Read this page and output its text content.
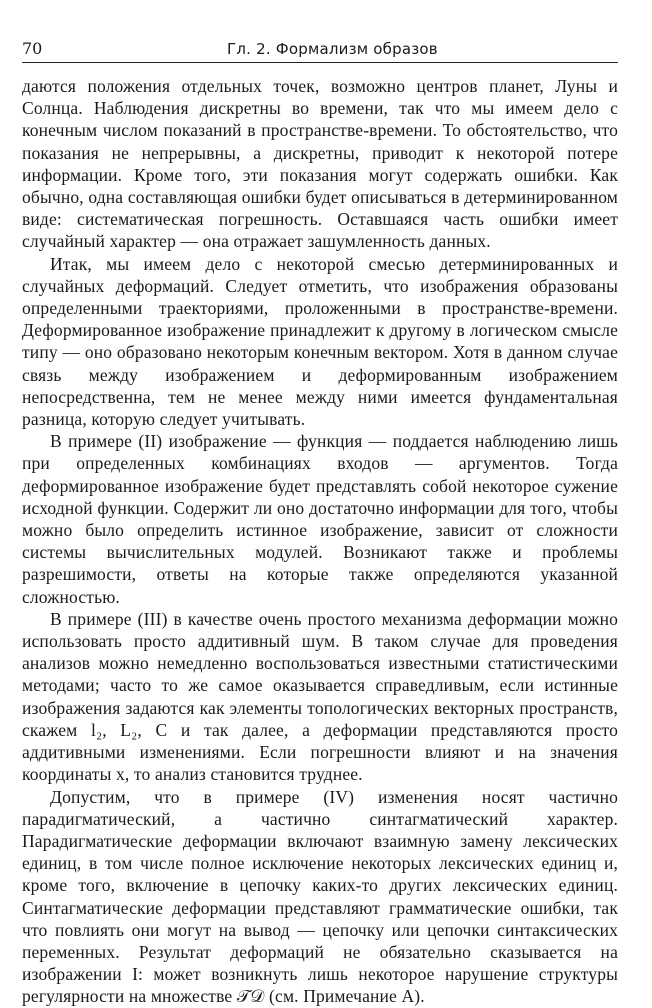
70	Гл. 2. Формализм образов

даются положения отдельных точек, возможно центров планет, Луны и Солнца. Наблюдения дискретны во времени, так что мы имеем дело с конечным числом показаний в пространстве-времени. То обстоятельство, что показания не непрерывны, а дискретны, приводит к некоторой потере информации. Кроме того, эти показания могут содержать ошибки. Как обычно, одна составляющая ошибки будет описываться в детерминированном виде: систематическая погрешность. Оставшаяся часть ошибки имеет случайный характер — она отражает зашумленность данных.

Итак, мы имеем дело с некоторой смесью детерминированных и случайных деформаций. Следует отметить, что изображения образованы определенными траекториями, проложенными в пространстве-времени. Деформированное изображение принадлежит к другому в логическом смысле типу — оно образовано некоторым конечным вектором. Хотя в данном случае связь между изображением и деформированным изображением непосредственна, тем не менее между ними имеется фундаментальная разница, которую следует учитывать.

В примере (II) изображение — функция — поддается наблюдению лишь при определенных комбинациях входов — аргументов. Тогда деформированное изображение будет представлять собой некоторое сужение исходной функции. Содержит ли оно достаточно информации для того, чтобы можно было определить истинное изображение, зависит от сложности системы вычислительных модулей. Возникают также и проблемы разрешимости, ответы на которые также определяются указанной сложностью.

В примере (III) в качестве очень простого механизма деформации можно использовать просто аддитивный шум. В таком случае для проведения анализов можно немедленно воспользоваться известными статистическими методами; часто то же самое оказывается справедливым, если истинные изображения задаются как элементы топологических векторных пространств, скажем l₂, L₂, C и так далее, а деформации представляются просто аддитивными изменениями. Если погрешности влияют и на значения координаты x, то анализ становится труднее.

Допустим, что в примере (IV) изменения носят частично парадигматический, а частично синтагматический характер. Парадигматические деформации включают взаимную замену лексических единиц, в том числе полное исключение некоторых лексических единиц и, кроме того, включение в цепочку каких-то других лексических единиц. Синтагматические деформации представляют грамматические ошибки, так что повлиять они могут на вывод — цепочку или цепочки синтаксических переменных. Результат деформаций не обязательно сказывается на изображении I: может возникнуть лишь некоторое нарушение структуры регулярности на множестве 𝒯𝒟 (см. Примечание A).
